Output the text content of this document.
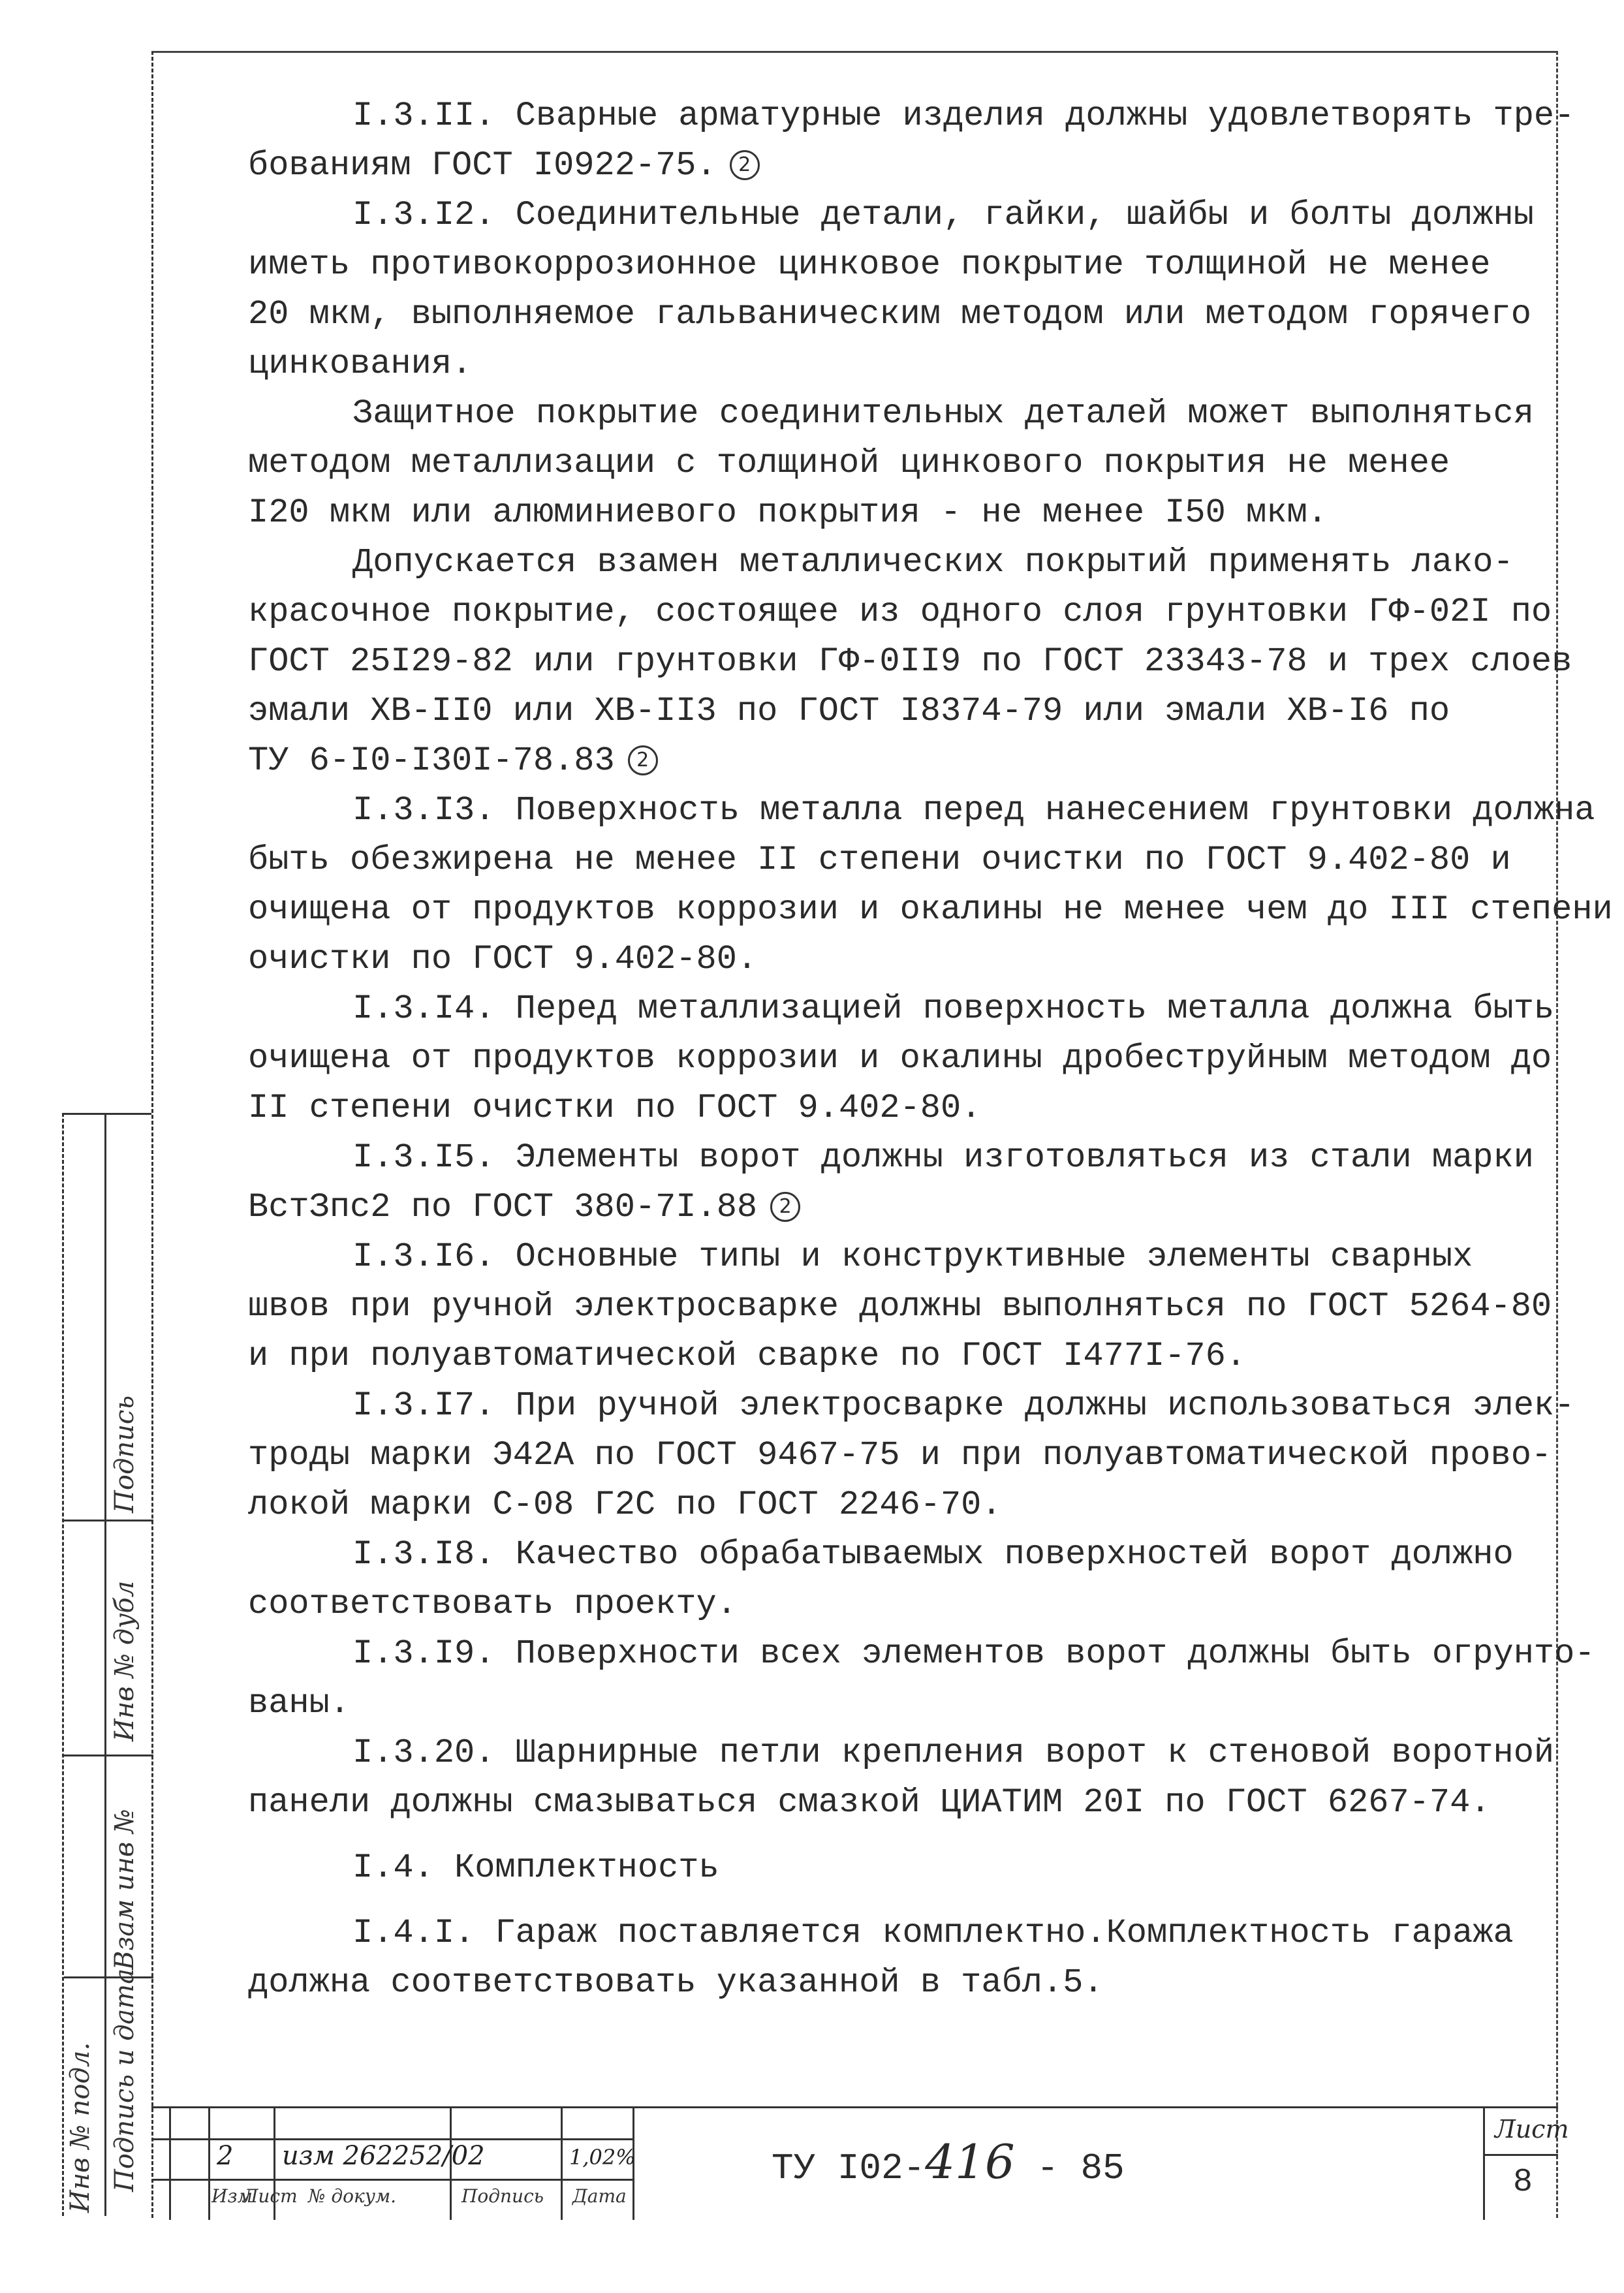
I.3.II. Сварные арматурные изделия должны удовлетворять тре-
бованиям ГОСТ I0922-75. 2
I.3.I2. Соединительные детали, гайки, шайбы и болты должны
иметь противокоррозионное цинковое покрытие толщиной не менее
20 мкм, выполняемое гальваническим методом или методом горячего
цинкования.
Защитное покрытие соединительных деталей может выполняться
методом металлизации с толщиной цинкового покрытия не менее
I20 мкм или алюминиевого покрытия - не менее I50 мкм.
Допускается взамен металлических покрытий применять лако-
красочное покрытие, состоящее из одного слоя грунтовки ГФ-02I по
ГОСТ 25I29-82 или грунтовки ГФ-0II9 по ГОСТ 23343-78 и трех слоев
эмали ХВ-II0 или ХВ-II3 по ГОСТ I8374-79 или эмали ХВ-I6 по
ТУ 6-I0-I30I-78.83 2
I.3.I3. Поверхность металла перед нанесением грунтовки должна
быть обезжирена не менее II степени очистки по ГОСТ 9.402-80 и
очищена от продуктов коррозии и окалины не менее чем до III степени
очистки по ГОСТ 9.402-80.
I.3.I4. Перед металлизацией поверхность металла должна быть
очищена от продуктов коррозии и окалины дробеструйным методом до
II степени очистки по ГОСТ 9.402-80.
I.3.I5. Элементы ворот должны изготовляться из стали марки
ВстЗпс2 по ГОСТ 380-7I.88 2
I.3.I6. Основные типы и конструктивные элементы сварных
швов при ручной электросварке должны выполняться по ГОСТ 5264-80
и при полуавтоматической сварке по ГОСТ I477I-76.
I.3.I7. При ручной электросварке должны использоваться элек-
троды марки Э42А по ГОСТ 9467-75 и при полуавтоматической прово-
локой марки С-08 Г2С по ГОСТ 2246-70.
I.3.I8. Качество обрабатываемых поверхностей ворот должно
соответствовать проекту.
I.3.I9. Поверхности всех элементов ворот должны быть огрунто-
ваны.
I.3.20. Шарнирные петли крепления ворот к стеновой воротной
панели должны смазываться смазкой ЦИАТИМ 20I по ГОСТ 6267-74.
I.4. Комплектность
I.4.I. Гараж поставляется комплектно.Комплектность гаража
должна соответствовать указанной в табл.5.
Подпись
Инв № дубл
Взам инв №
Подпись и дата
Инв № подл.	2 изм 262252/02	1,02%
Изм
Лист № докум.	Подпись Дата
ТУ I02-416 - 85
Лист
8
